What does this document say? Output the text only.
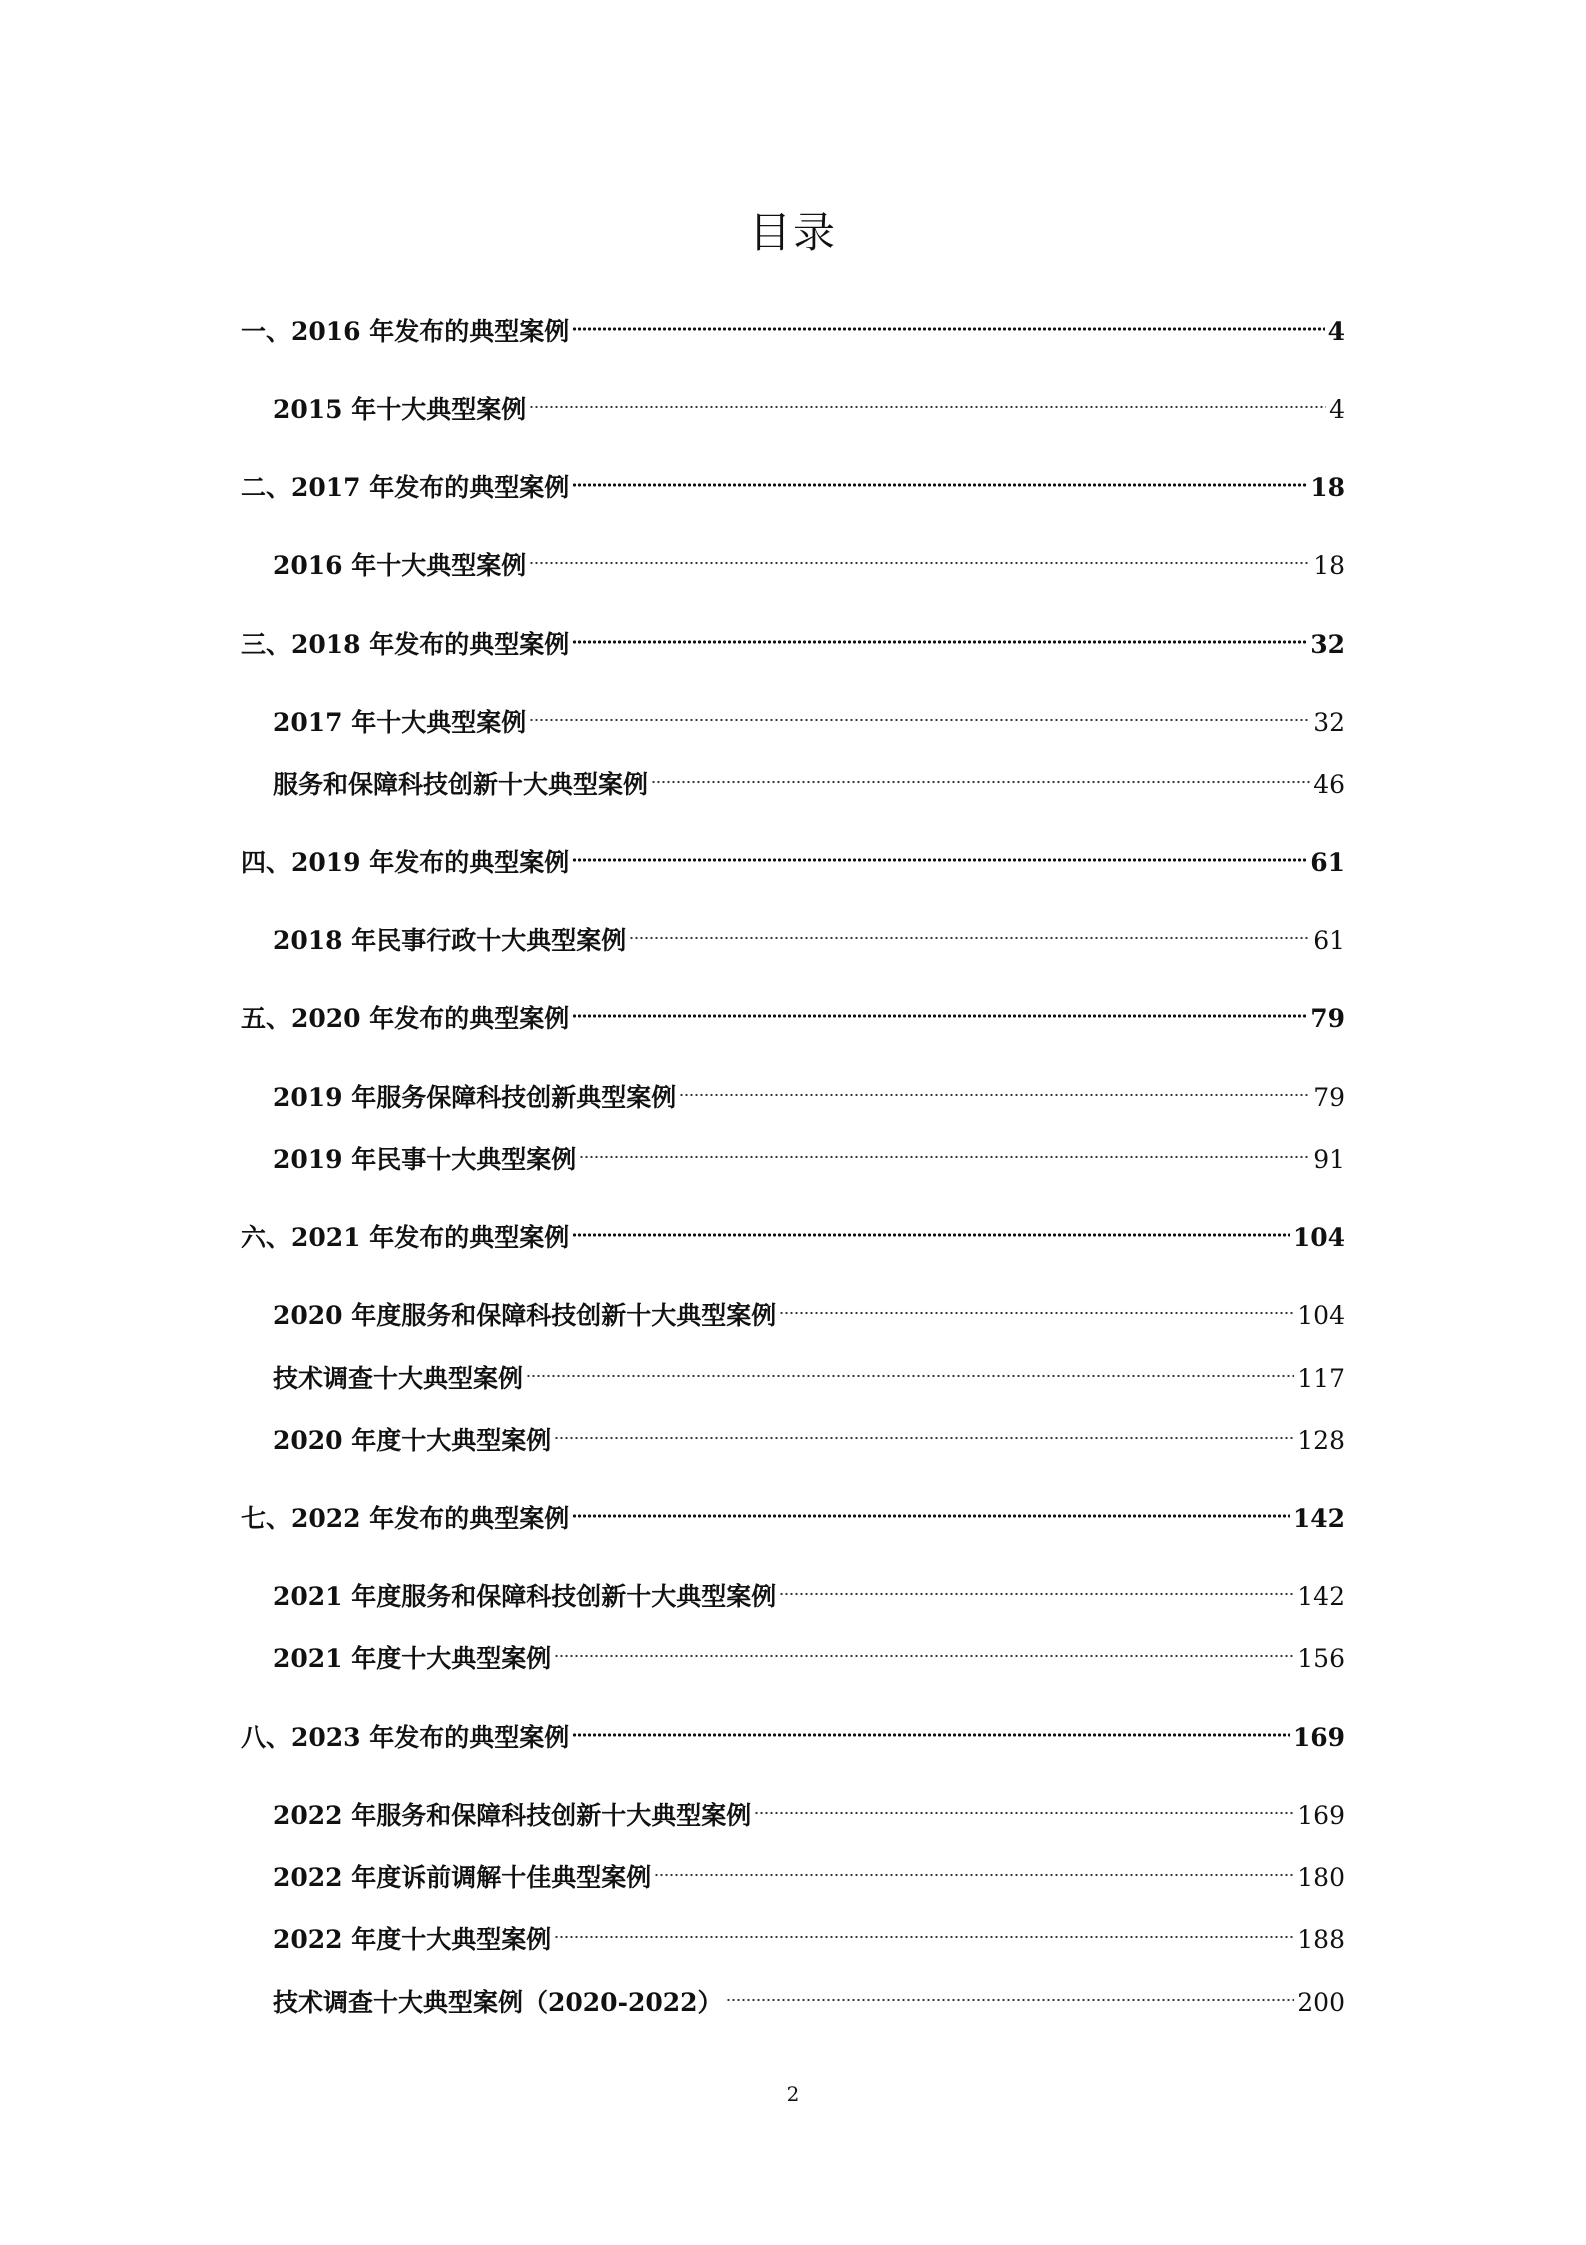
目录
一、2016 年发布的典型案例	4
2015 年十大典型案例	4
二、2017 年发布的典型案例	18
2016 年十大典型案例	18
三、2018 年发布的典型案例	32
2017 年十大典型案例	32
服务和保障科技创新十大典型案例	46
四、2019 年发布的典型案例	61
2018 年民事行政十大典型案例	61
五、2020 年发布的典型案例	79
2019 年服务保障科技创新典型案例	79
2019 年民事十大典型案例	91
六、2021 年发布的典型案例	104
2020 年度服务和保障科技创新十大典型案例	104
技术调查十大典型案例	117
2020 年度十大典型案例	128
七、2022 年发布的典型案例	142
2021 年度服务和保障科技创新十大典型案例	142
2021 年度十大典型案例	156
八、2023 年发布的典型案例	169
2022 年服务和保障科技创新十大典型案例	169
2022 年度诉前调解十佳典型案例	180
2022 年度十大典型案例	188
技术调查十大典型案例（2020-2022）	200
2
